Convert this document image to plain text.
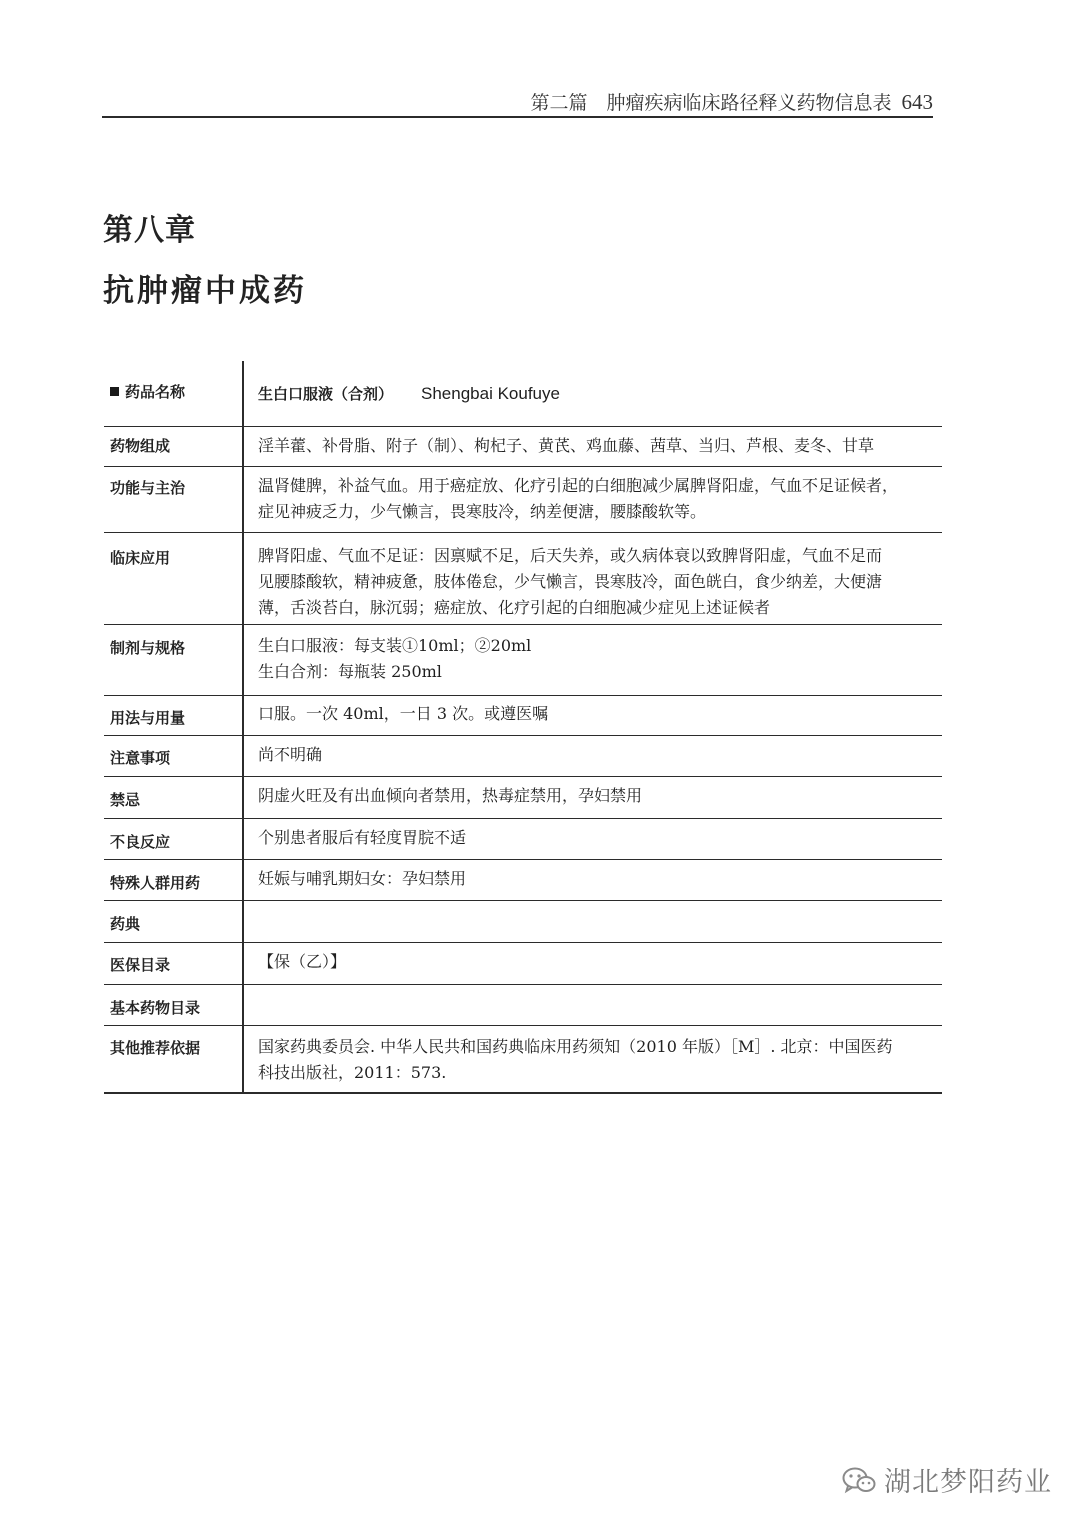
第二篇　肿瘤疾病临床路径释义药物信息表 643
第八章
抗肿瘤中成药
药品名称	生白口服液（合剂） Shengbai Koufuye
药物组成	淫羊藿、补骨脂、附子（制）、枸杞子、黄芪、鸡血藤、茜草、当归、芦根、麦冬、甘草
功能与主治	温肾健脾，补益气血。用于癌症放、化疗引起的白细胞减少属脾肾阳虚，气血不足证候者，
症见神疲乏力，少气懒言，畏寒肢冷，纳差便溏，腰膝酸软等。
临床应用	脾肾阳虚、气血不足证：因禀赋不足，后天失养，或久病体衰以致脾肾阳虚，气血不足而
见腰膝酸软，精神疲惫，肢体倦怠，少气懒言，畏寒肢冷，面色㿠白，食少纳差，大便溏
薄，舌淡苔白，脉沉弱；癌症放、化疗引起的白细胞减少症见上述证候者
制剂与规格	生白口服液：每支装①10ml；②20ml
生白合剂：每瓶装 250ml
用法与用量	口服。一次 40ml，一日 3 次。或遵医嘱
注意事项	尚不明确
禁忌	阴虚火旺及有出血倾向者禁用，热毒症禁用，孕妇禁用
不良反应	个别患者服后有轻度胃脘不适
特殊人群用药	妊娠与哺乳期妇女：孕妇禁用
药典
医保目录	【保（乙）】
基本药物目录
其他推荐依据	国家药典委员会. 中华人民共和国药典临床用药须知（2010 年版）［M］. 北京：中国医药
科技出版社，2011：573.
湖北梦阳药业
